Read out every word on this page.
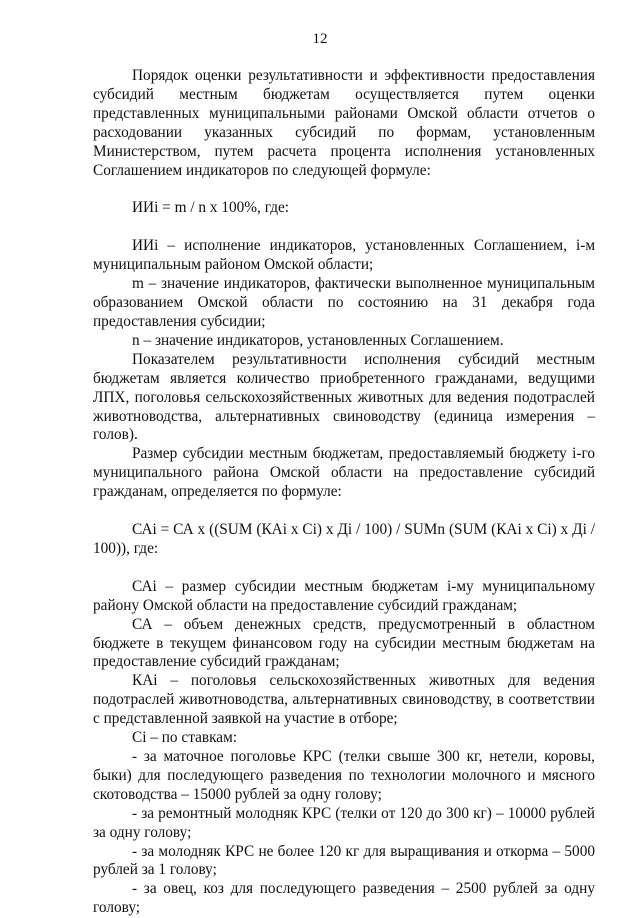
12

Порядок оценки результативности и эффективности предоставления субсидий местным бюджетам осуществляется путем оценки представленных муниципальными районами Омской области отчетов о расходовании указанных субсидий по формам, установленным Министерством, путем расчета процента исполнения установленных Соглашением индикаторов по следующей формуле:

ИИi = m / n x 100%, где:

ИИi – исполнение индикаторов, установленных Соглашением, i-м муниципальным районом Омской области;

m – значение индикаторов, фактически выполненное муниципальным образованием Омской области по состоянию на 31 декабря года предоставления субсидии;

n – значение индикаторов, установленных Соглашением.

Показателем результативности исполнения субсидий местным бюджетам является количество приобретенного гражданами, ведущими ЛПХ, поголовья сельскохозяйственных животных для ведения подотраслей животноводства, альтернативных свиноводству (единица измерения – голов).

Размер субсидии местным бюджетам, предоставляемый бюджету i-го муниципального района Омской области на предоставление субсидий гражданам, определяется по формуле:

САi = СА x ((SUM (КАi x Сi) x Дi / 100) / SUMn (SUM (КАi x Сi) x Дi / 100)), где:

САi – размер субсидии местным бюджетам i-му муниципальному району Омской области на предоставление субсидий гражданам;

СА – объем денежных средств, предусмотренный в областном бюджете в текущем финансовом году на субсидии местным бюджетам на предоставление субсидий гражданам;

КАi – поголовья сельскохозяйственных животных для ведения подотраслей животноводства, альтернативных свиноводству, в соответствии с представленной заявкой на участие в отборе;

Сi – по ставкам:

- за маточное поголовье КРС (телки свыше 300 кг, нетели, коровы, быки) для последующего разведения по технологии молочного и мясного скотоводства – 15000 рублей за одну голову;

- за ремонтный молодняк КРС (телки от 120 до 300 кг) – 10000 рублей за одну голову;

- за молодняк КРС не более 120 кг для выращивания и откорма – 5000 рублей за 1 голову;

- за овец, коз для последующего разведения – 2500 рублей за одну голову;
